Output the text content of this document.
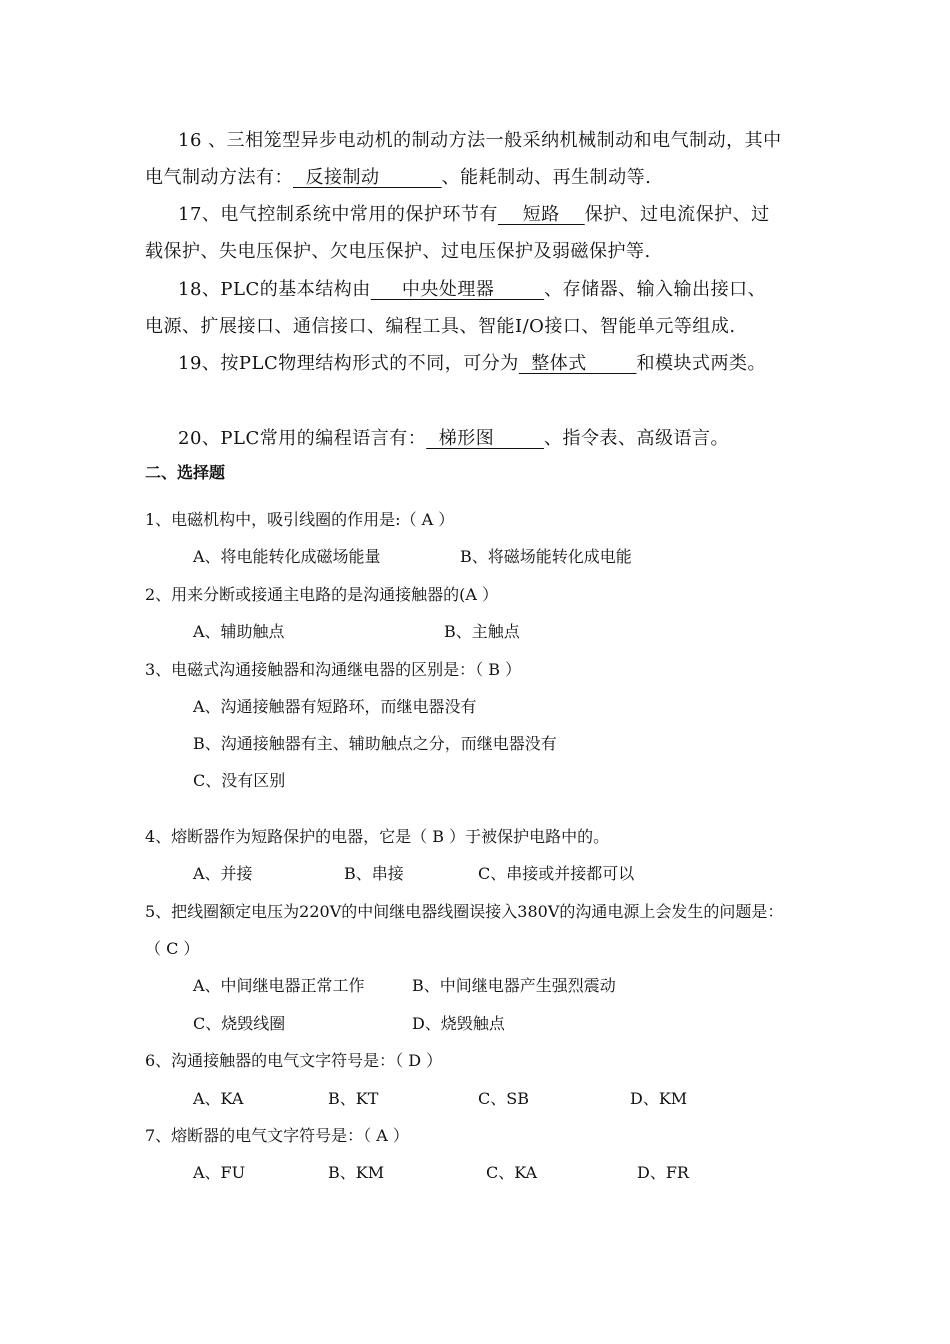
16 、三相笼型异步电动机的制动方法一般采纳机械制动和电气制动，其中
电气制动方法有：  反接制动          、能耗制动、再生制动等.
17、电气控制系统中常用的保护环节有    短路    保护、过电流保护、过
载保护、失电压保护、欠电压保护、过电压保护及弱磁保护等.
18、PLC的基本结构由     中央处理器        、存储器、输入输出接口、
电源、扩展接口、通信接口、编程工具、智能I/O接口、智能单元等组成.
19、按PLC物理结构形式的不同，可分为  整体式        和模块式两类。
20、PLC常用的编程语言有：  梯形图        、指令表、高级语言。
二、选择题
1、电磁机构中，吸引线圈的作用是:（ A ）
A、将电能转化成磁场能量	B、将磁场能转化成电能
2、用来分断或接通主电路的是沟通接触器的(A ）
A、辅助触点	B、主触点
3、电磁式沟通接触器和沟通继电器的区别是：（ B ）
A、沟通接触器有短路环，而继电器没有
B、沟通接触器有主、辅助触点之分，而继电器没有
C、没有区别
4、熔断器作为短路保护的电器，它是（ B ）于被保护电路中的。
A、并接	B、串接	C、串接或并接都可以
5、把线圈额定电压为220V的中间继电器线圈误接入380V的沟通电源上会发生的问题是：
（ C ）
A、中间继电器正常工作	B、中间继电器产生强烈震动
C、烧毁线圈	D、烧毁触点
6、沟通接触器的电气文字符号是：（ D ）
A、KA	B、KT	C、SB	D、KM
7、熔断器的电气文字符号是：（ A ）
A、FU	B、KM	C、KA	D、FR
